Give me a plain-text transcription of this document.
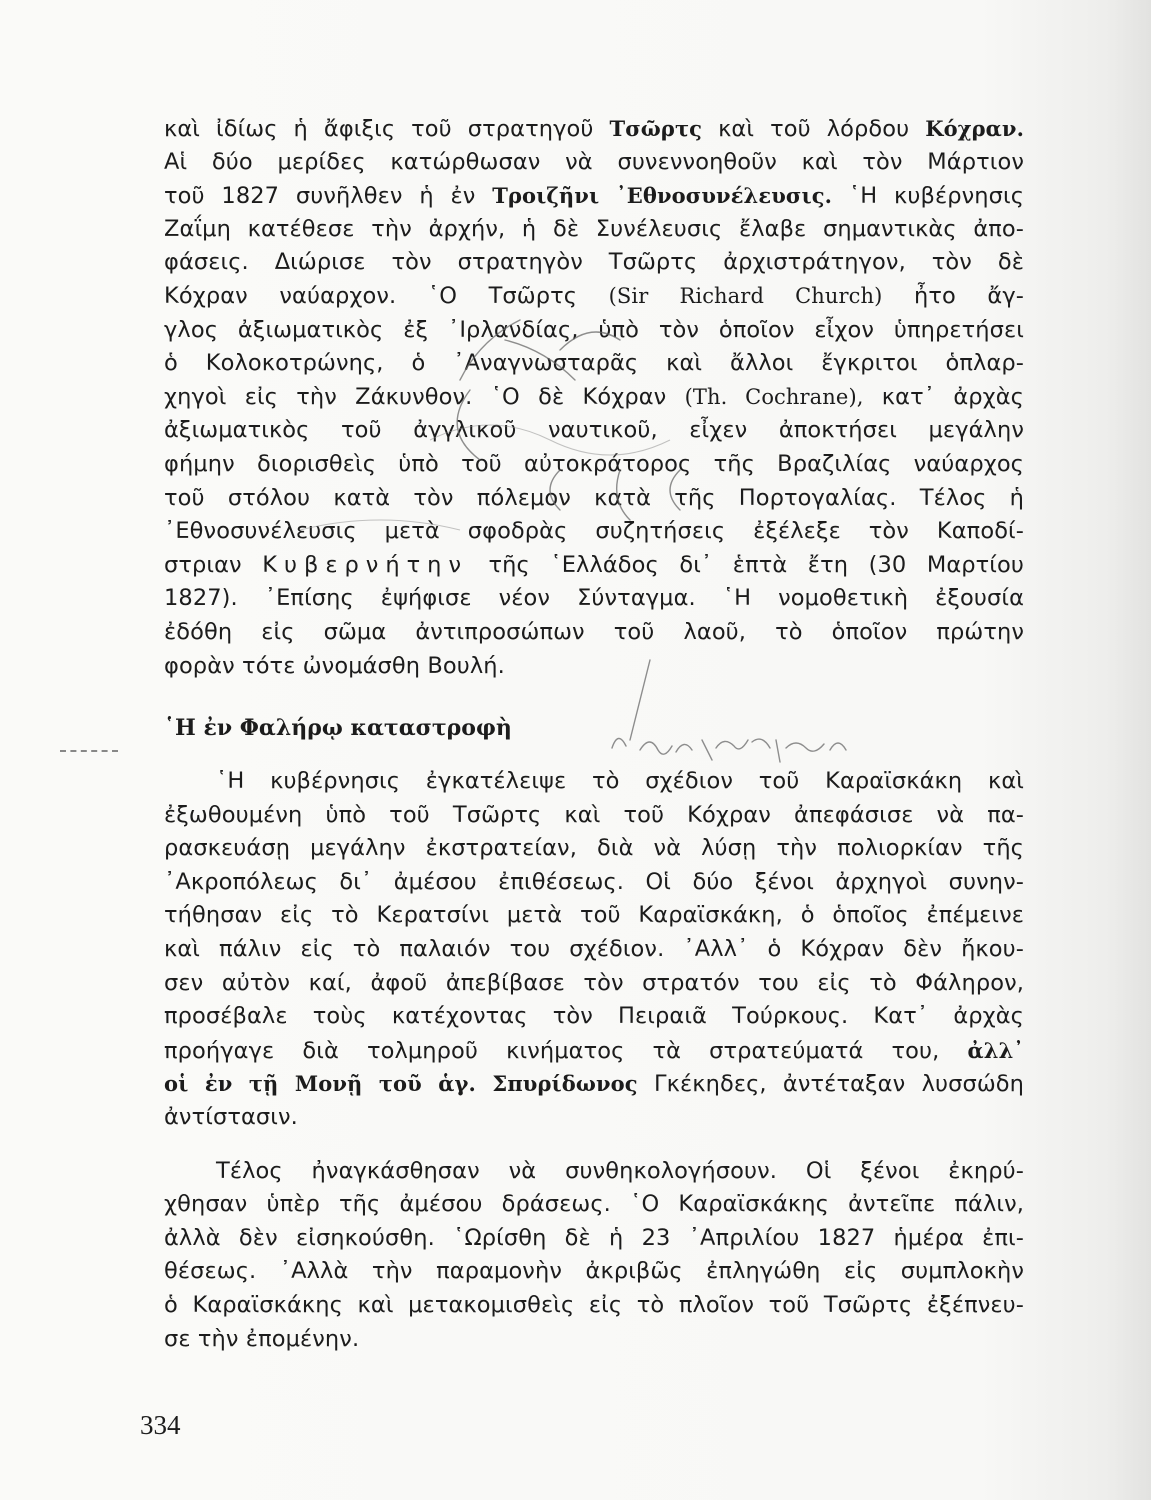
καὶ ἰδίως ἡ ἄφιξις τοῦ στρατηγοῦ Τσῶρτς καὶ τοῦ λόρδου Κόχραν.
Αἱ δύο μερίδες κατώρθωσαν νὰ συνεννοηθοῦν καὶ τὸν Μάρτιον
τοῦ 1827 συνῆλθεν ἡ ἐν Τροιζῆνι ᾿Εθνοσυνέλευσις. ῾Η κυβέρνησις
Ζαΐμη κατέθεσε τὴν ἀρχήν, ἡ δὲ Συνέλευσις ἔλαβε σημαντικὰς ἀπο-
φάσεις. Διώρισε τὸν στρατηγὸν Τσῶρτς ἀρχιστράτηγον, τὸν δὲ
Κόχραν ναύαρχον. ῾Ο Τσῶρτς (Sir Richard Church) ἦτο ἄγ-
γλος ἀξιωματικὸς ἐξ ᾿Ιρλανδίας, ὑπὸ τὸν ὁποῖον εἶχον ὑπηρετήσει
ὁ Κολοκοτρώνης, ὁ ᾿Αναγνωσταρᾶς καὶ ἄλλοι ἔγκριτοι ὁπλαρ-
χηγοὶ εἰς τὴν Ζάκυνθον. ῾Ο δὲ Κόχραν (Th. Cochrane), κατ᾿ ἀρχὰς
ἀξιωματικὸς τοῦ ἀγγλικοῦ ναυτικοῦ, εἶχεν ἀποκτήσει μεγάλην
φήμην διορισθεὶς ὑπὸ τοῦ αὐτοκράτορος τῆς Βραζιλίας ναύαρχος
τοῦ στόλου κατὰ τὸν πόλεμον κατὰ τῆς Πορτογαλίας. Τέλος ἡ
᾿Εθνοσυνέλευσις μετὰ σφοδρὰς συζητήσεις ἐξέλεξε τὸν Καποδί-
στριαν Κυβερνήτην τῆς ῾Ελλάδος δι᾿ ἑπτὰ ἔτη (30 Μαρτίου
1827). ᾿Επίσης ἐψήφισε νέον Σύνταγμα. ῾Η νομοθετικὴ ἐξουσία
ἐδόθη εἰς σῶμα ἀντιπροσώπων τοῦ λαοῦ, τὸ ὁποῖον πρώτην
φορὰν τότε ὠνομάσθη Βουλή.
῾Η ἐν Φαλήρῳ καταστροφὴ
῾Η κυβέρνησις ἐγκατέλειψε τὸ σχέδιον τοῦ Καραϊσκάκη καὶ
ἐξωθουμένη ὑπὸ τοῦ Τσῶρτς καὶ τοῦ Κόχραν ἀπεφάσισε νὰ πα-
ρασκευάσῃ μεγάλην ἐκστρατείαν, διὰ νὰ λύσῃ τὴν πολιορκίαν τῆς
᾿Ακροπόλεως δι᾿ ἀμέσου ἐπιθέσεως. Οἱ δύο ξένοι ἀρχηγοὶ συνην-
τήθησαν εἰς τὸ Κερατσίνι μετὰ τοῦ Καραϊσκάκη, ὁ ὁποῖος ἐπέμεινε
καὶ πάλιν εἰς τὸ παλαιόν του σχέδιον. ᾿Αλλ᾿ ὁ Κόχραν δὲν ἤκου-
σεν αὐτὸν καί, ἀφοῦ ἀπεβίβασε τὸν στρατόν του εἰς τὸ Φάληρον,
προσέβαλε τοὺς κατέχοντας τὸν Πειραιᾶ Τούρκους. Κατ᾿ ἀρχὰς
προήγαγε διὰ τολμηροῦ κινήματος τὰ στρατεύματά του, ἀλλ᾿
οἱ ἐν τῇ Μονῇ τοῦ ἁγ. Σπυρίδωνος Γκέκηδες, ἀντέταξαν λυσσώδη
ἀντίστασιν.
Τέλος ἠναγκάσθησαν νὰ συνθηκολογήσουν. Οἱ ξένοι ἐκηρύ-
χθησαν ὑπὲρ τῆς ἀμέσου δράσεως. ῾Ο Καραϊσκάκης ἀντεῖπε πάλιν,
ἀλλὰ δὲν εἰσηκούσθη. ῾Ωρίσθη δὲ ἡ 23 ᾿Απριλίου 1827 ἡμέρα ἐπι-
θέσεως. ᾿Αλλὰ τὴν παραμονὴν ἀκριβῶς ἐπληγώθη εἰς συμπλοκὴν
ὁ Καραϊσκάκης καὶ μετακομισθεὶς εἰς τὸ πλοῖον τοῦ Τσῶρτς ἐξέπνευ-
σε τὴν ἐπομένην.
334
